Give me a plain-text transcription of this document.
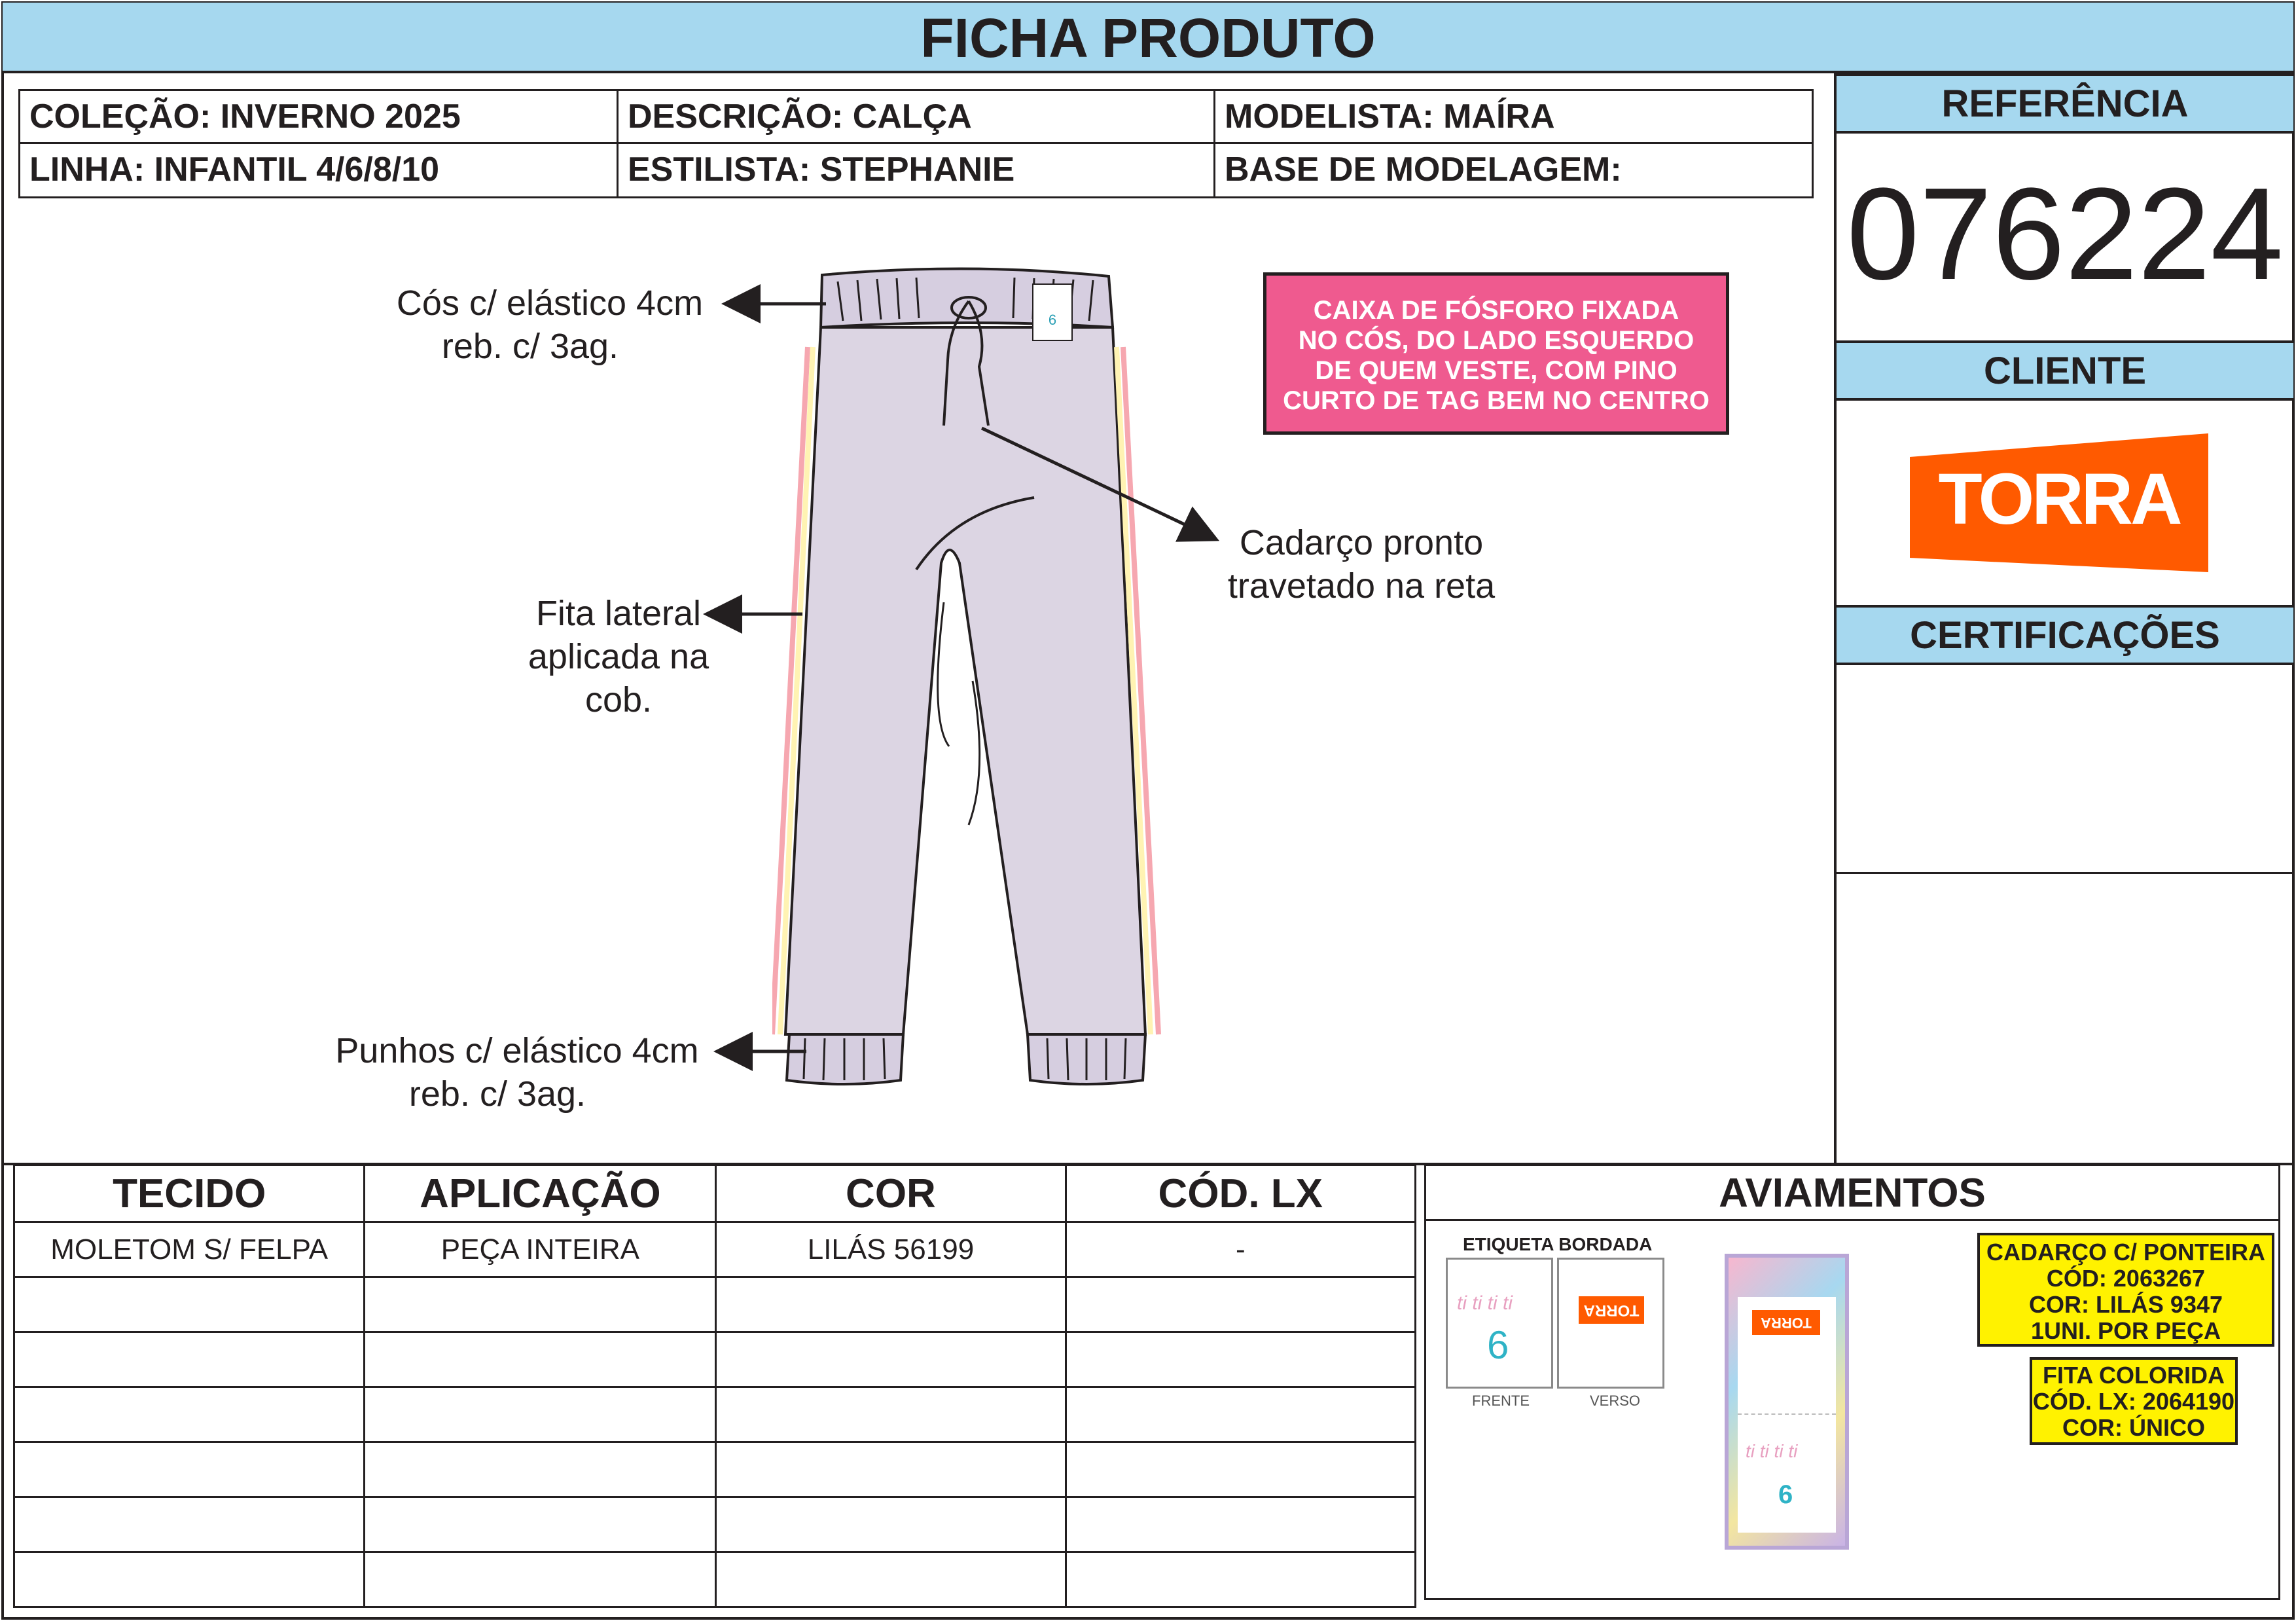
FICHA PRODUTO
COLEÇÃO: INVERNO 2025	DESCRIÇÃO: CALÇA	MODELISTA: MAÍRA
LINHA: INFANTIL 4/6/8/10	ESTILISTA: STEPHANIE	BASE DE MODELAGEM:
REFERÊNCIA
076224
CLIENTE
TORRA
CERTIFICAÇÕES
6
Cós c/ elástico 4cm
reb. c/ 3ag.
Fita lateral
aplicada na
cob.
Punhos c/ elástico 4cm
reb. c/ 3ag.
Cadarço pronto
travetado na reta
CAIXA DE FÓSFORO FIXADA
NO CÓS, DO LADO ESQUERDO
DE QUEM VESTE, COM PINO
CURTO DE TAG BEM NO CENTRO
TECIDO	APLICAÇÃO	COR	CÓD. LX
MOLETOM S/ FELPA	PEÇA INTEIRA	LILÁS 56199	-

AVIAMENTOS
ETIQUETA BORDADA
ti ti ti ti
6
FRENTE
TORRA
VERSO
TORRA
ti ti ti ti
6
CADARÇO C/ PONTEIRA
CÓD: 2063267
COR: LILÁS 9347
1UNI. POR PEÇA
FITA COLORIDA
CÓD. LX: 2064190
COR: ÚNICO
